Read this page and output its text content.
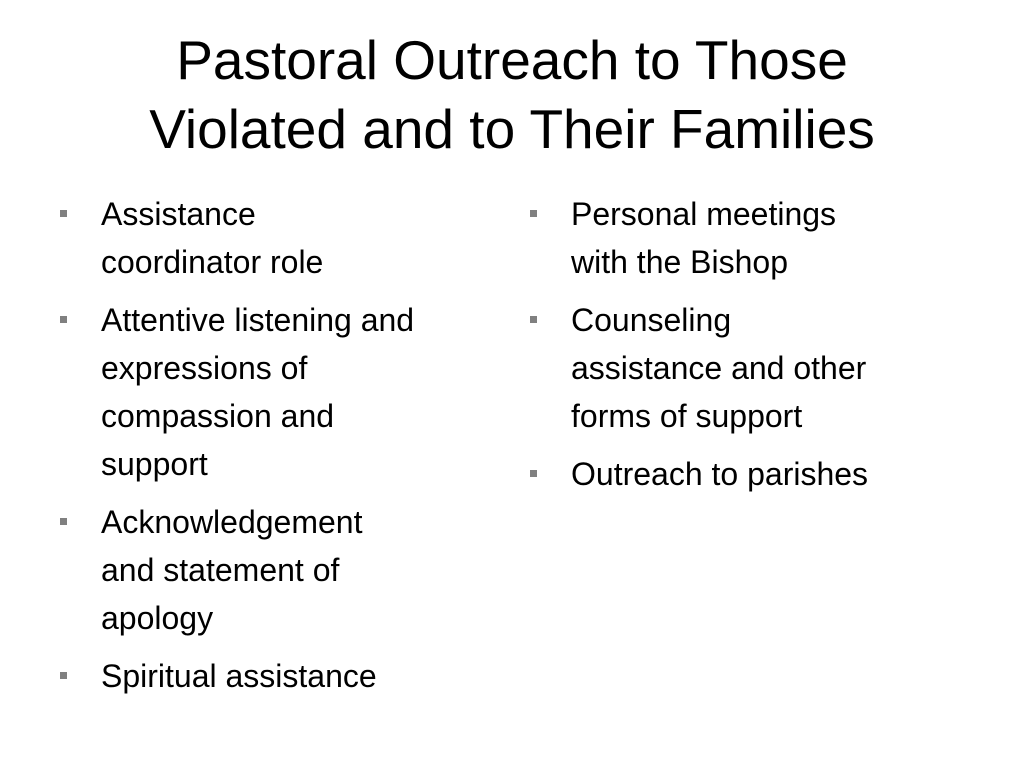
Pastoral Outreach to Those
Violated and to Their Families
Assistance
coordinator role
Attentive listening and
expressions of
compassion and
support
Acknowledgement
and statement of
apology
Spiritual assistance
Personal meetings
with the Bishop
Counseling
assistance and other
forms of support
Outreach to parishes
